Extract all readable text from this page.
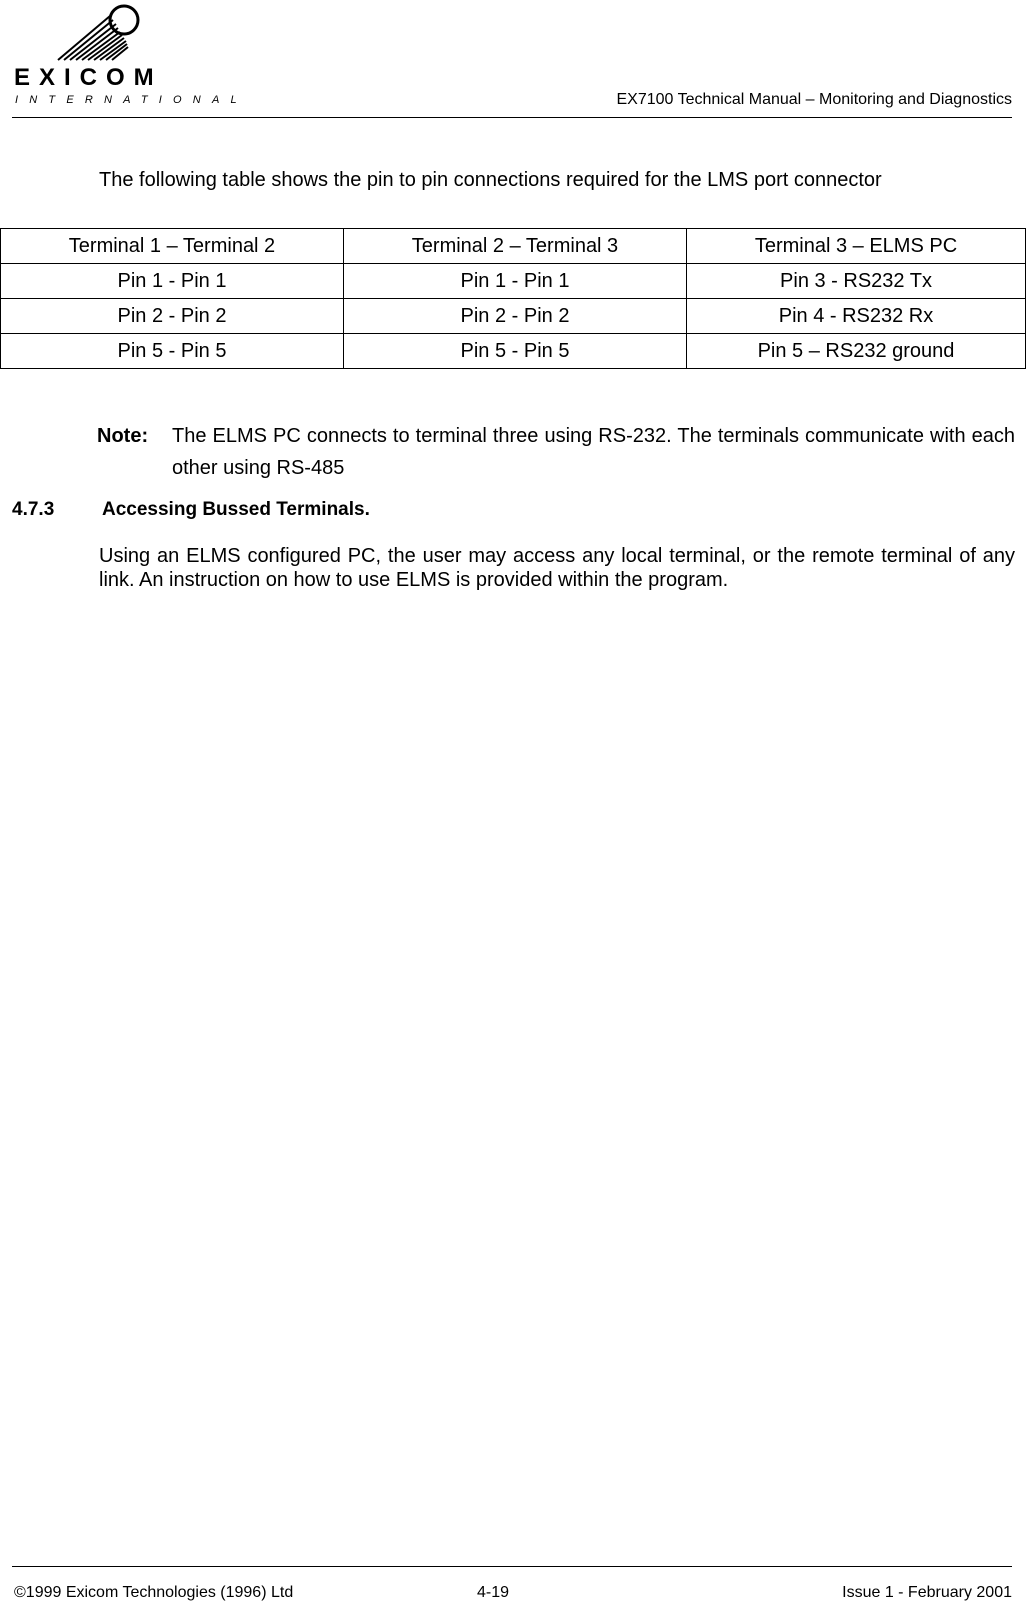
EXICOM
INTERNATIONAL	EX7100 Technical Manual – Monitoring and Diagnostics
The following table shows the pin to pin connections required for the LMS port connector
Terminal 1 – Terminal 2	Terminal 2 – Terminal 3	Terminal 3 – ELMS PC
Pin 1 - Pin 1	Pin 1 - Pin 1	Pin 3 - RS232 Tx
Pin 2 - Pin 2	Pin 2 - Pin 2	Pin 4 - RS232 Rx
Pin 5 - Pin 5	Pin 5 - Pin 5	Pin 5 – RS232 ground
Note: The ELMS PC connects to terminal three using RS-232. The terminals communicate with each other using RS-485
4.7.3	Accessing Bussed Terminals.
Using an ELMS configured PC, the user may access any local terminal, or the remote terminal of any link. An instruction on how to use ELMS is provided within the program.
©1999 Exicom Technologies (1996) Ltd	4-19	Issue 1 - February 2001
